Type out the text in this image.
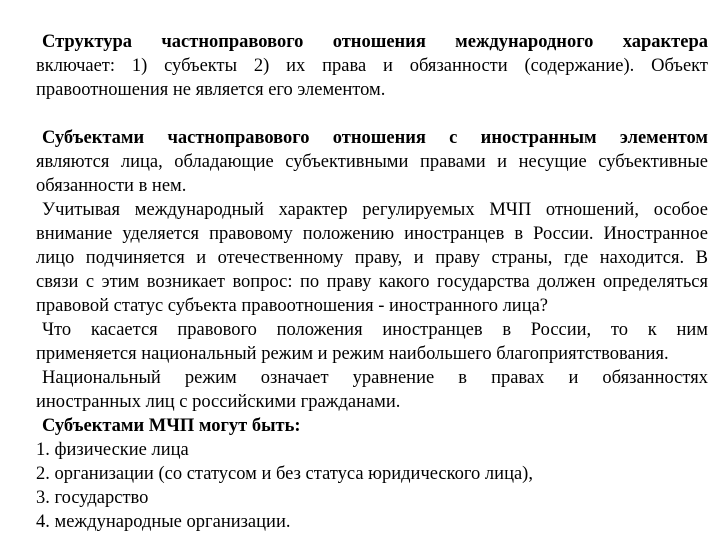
Структура частноправового отношения международного характера

включает: 1) субъекты 2) их права и обязанности (содержание). Объект

правоотношения не является его элементом.

Субъектами частноправового отношения с иностранным элементом

являются лица, обладающие субъективными правами и несущие субъективные

обязанности в нем.

Учитывая международный характер регулируемых МЧП отношений, особое

внимание уделяется правовому положению иностранцев в России. Иностранное

лицо подчиняется и отечественному праву, и праву страны, где находится. В

связи с этим возникает вопрос: по праву какого государства должен определяться

правовой статус субъекта правоотношения - иностранного лица?

Что касается правового положения иностранцев в России, то к ним

применяется национальный режим и режим наибольшего благоприятствования.

Национальный режим означает уравнение в правах и обязанностях

иностранных лиц с российскими гражданами.

Субъектами МЧП могут быть:

1. физические лица

2. организации (со статусом и без статуса юридического лица),

3. государство

4. международные организации.
